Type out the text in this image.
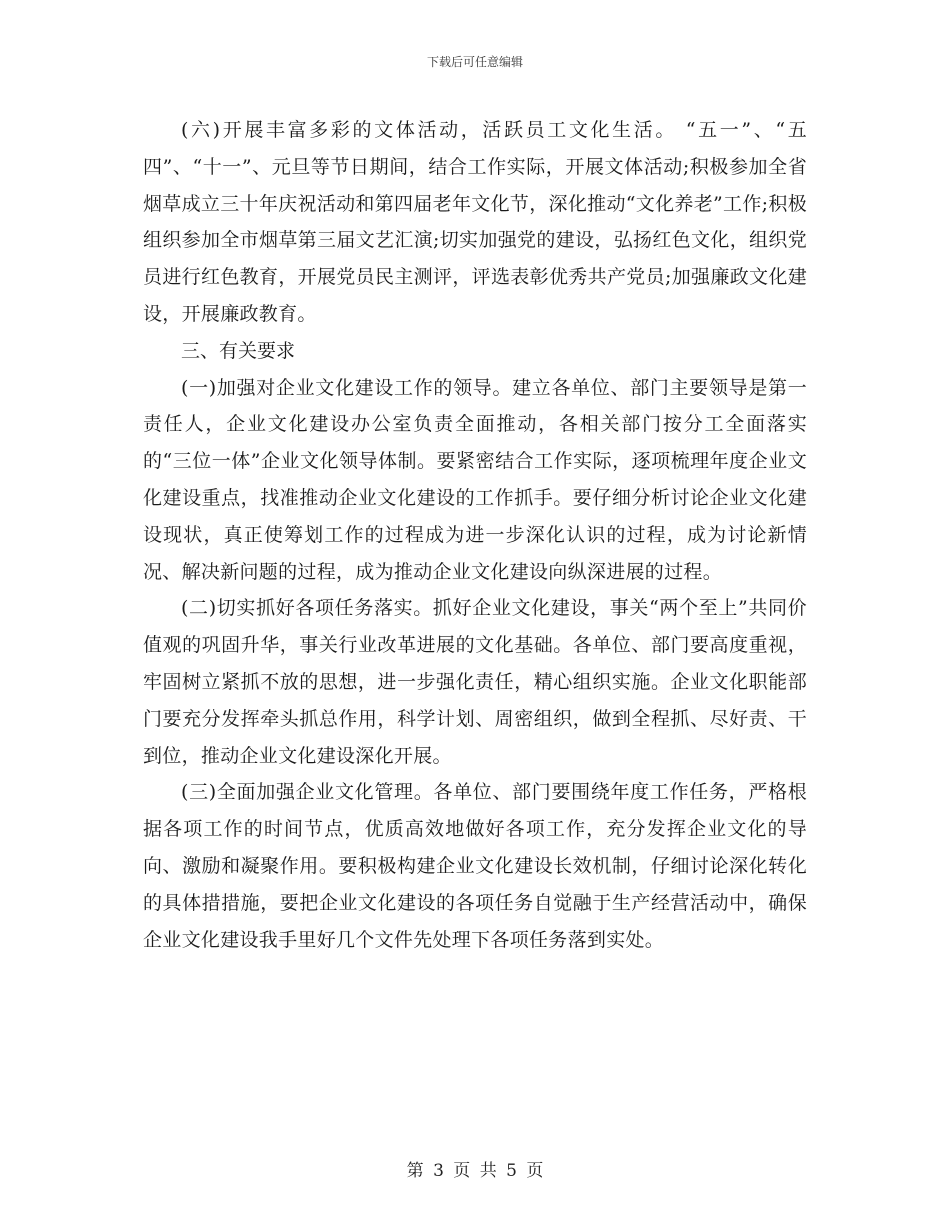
下载后可任意编辑

(六)开展丰富多彩的文体活动，活跃员工文化生活。 “五一”、“五四”、“十一”、元旦等节日期间，结合工作实际，开展文体活动;积极参加全省烟草成立三十年庆祝活动和第四届老年文化节，深化推动“文化养老”工作;积极组织参加全市烟草第三届文艺汇演;切实加强党的建设，弘扬红色文化，组织党员进行红色教育，开展党员民主测评，评选表彰优秀共产党员;加强廉政文化建设，开展廉政教育。

三、有关要求

(一)加强对企业文化建设工作的领导。建立各单位、部门主要领导是第一责任人，企业文化建设办公室负责全面推动，各相关部门按分工全面落实的“三位一体”企业文化领导体制。要紧密结合工作实际，逐项梳理年度企业文化建设重点，找准推动企业文化建设的工作抓手。要仔细分析讨论企业文化建设现状，真正使筹划工作的过程成为进一步深化认识的过程，成为讨论新情况、解决新问题的过程，成为推动企业文化建设向纵深进展的过程。

(二)切实抓好各项任务落实。抓好企业文化建设，事关“两个至上”共同价值观的巩固升华，事关行业改革进展的文化基础。各单位、部门要高度重视，牢固树立紧抓不放的思想，进一步强化责任，精心组织实施。企业文化职能部门要充分发挥牵头抓总作用，科学计划、周密组织，做到全程抓、尽好责、干到位，推动企业文化建设深化开展。

(三)全面加强企业文化管理。各单位、部门要围绕年度工作任务，严格根据各项工作的时间节点，优质高效地做好各项工作，充分发挥企业文化的导向、激励和凝聚作用。要积极构建企业文化建设长效机制，仔细讨论深化转化的具体措措施，要把企业文化建设的各项任务自觉融于生产经营活动中，确保企业文化建设我手里好几个文件先处理下各项任务落到实处。

第 3 页 共 5 页
